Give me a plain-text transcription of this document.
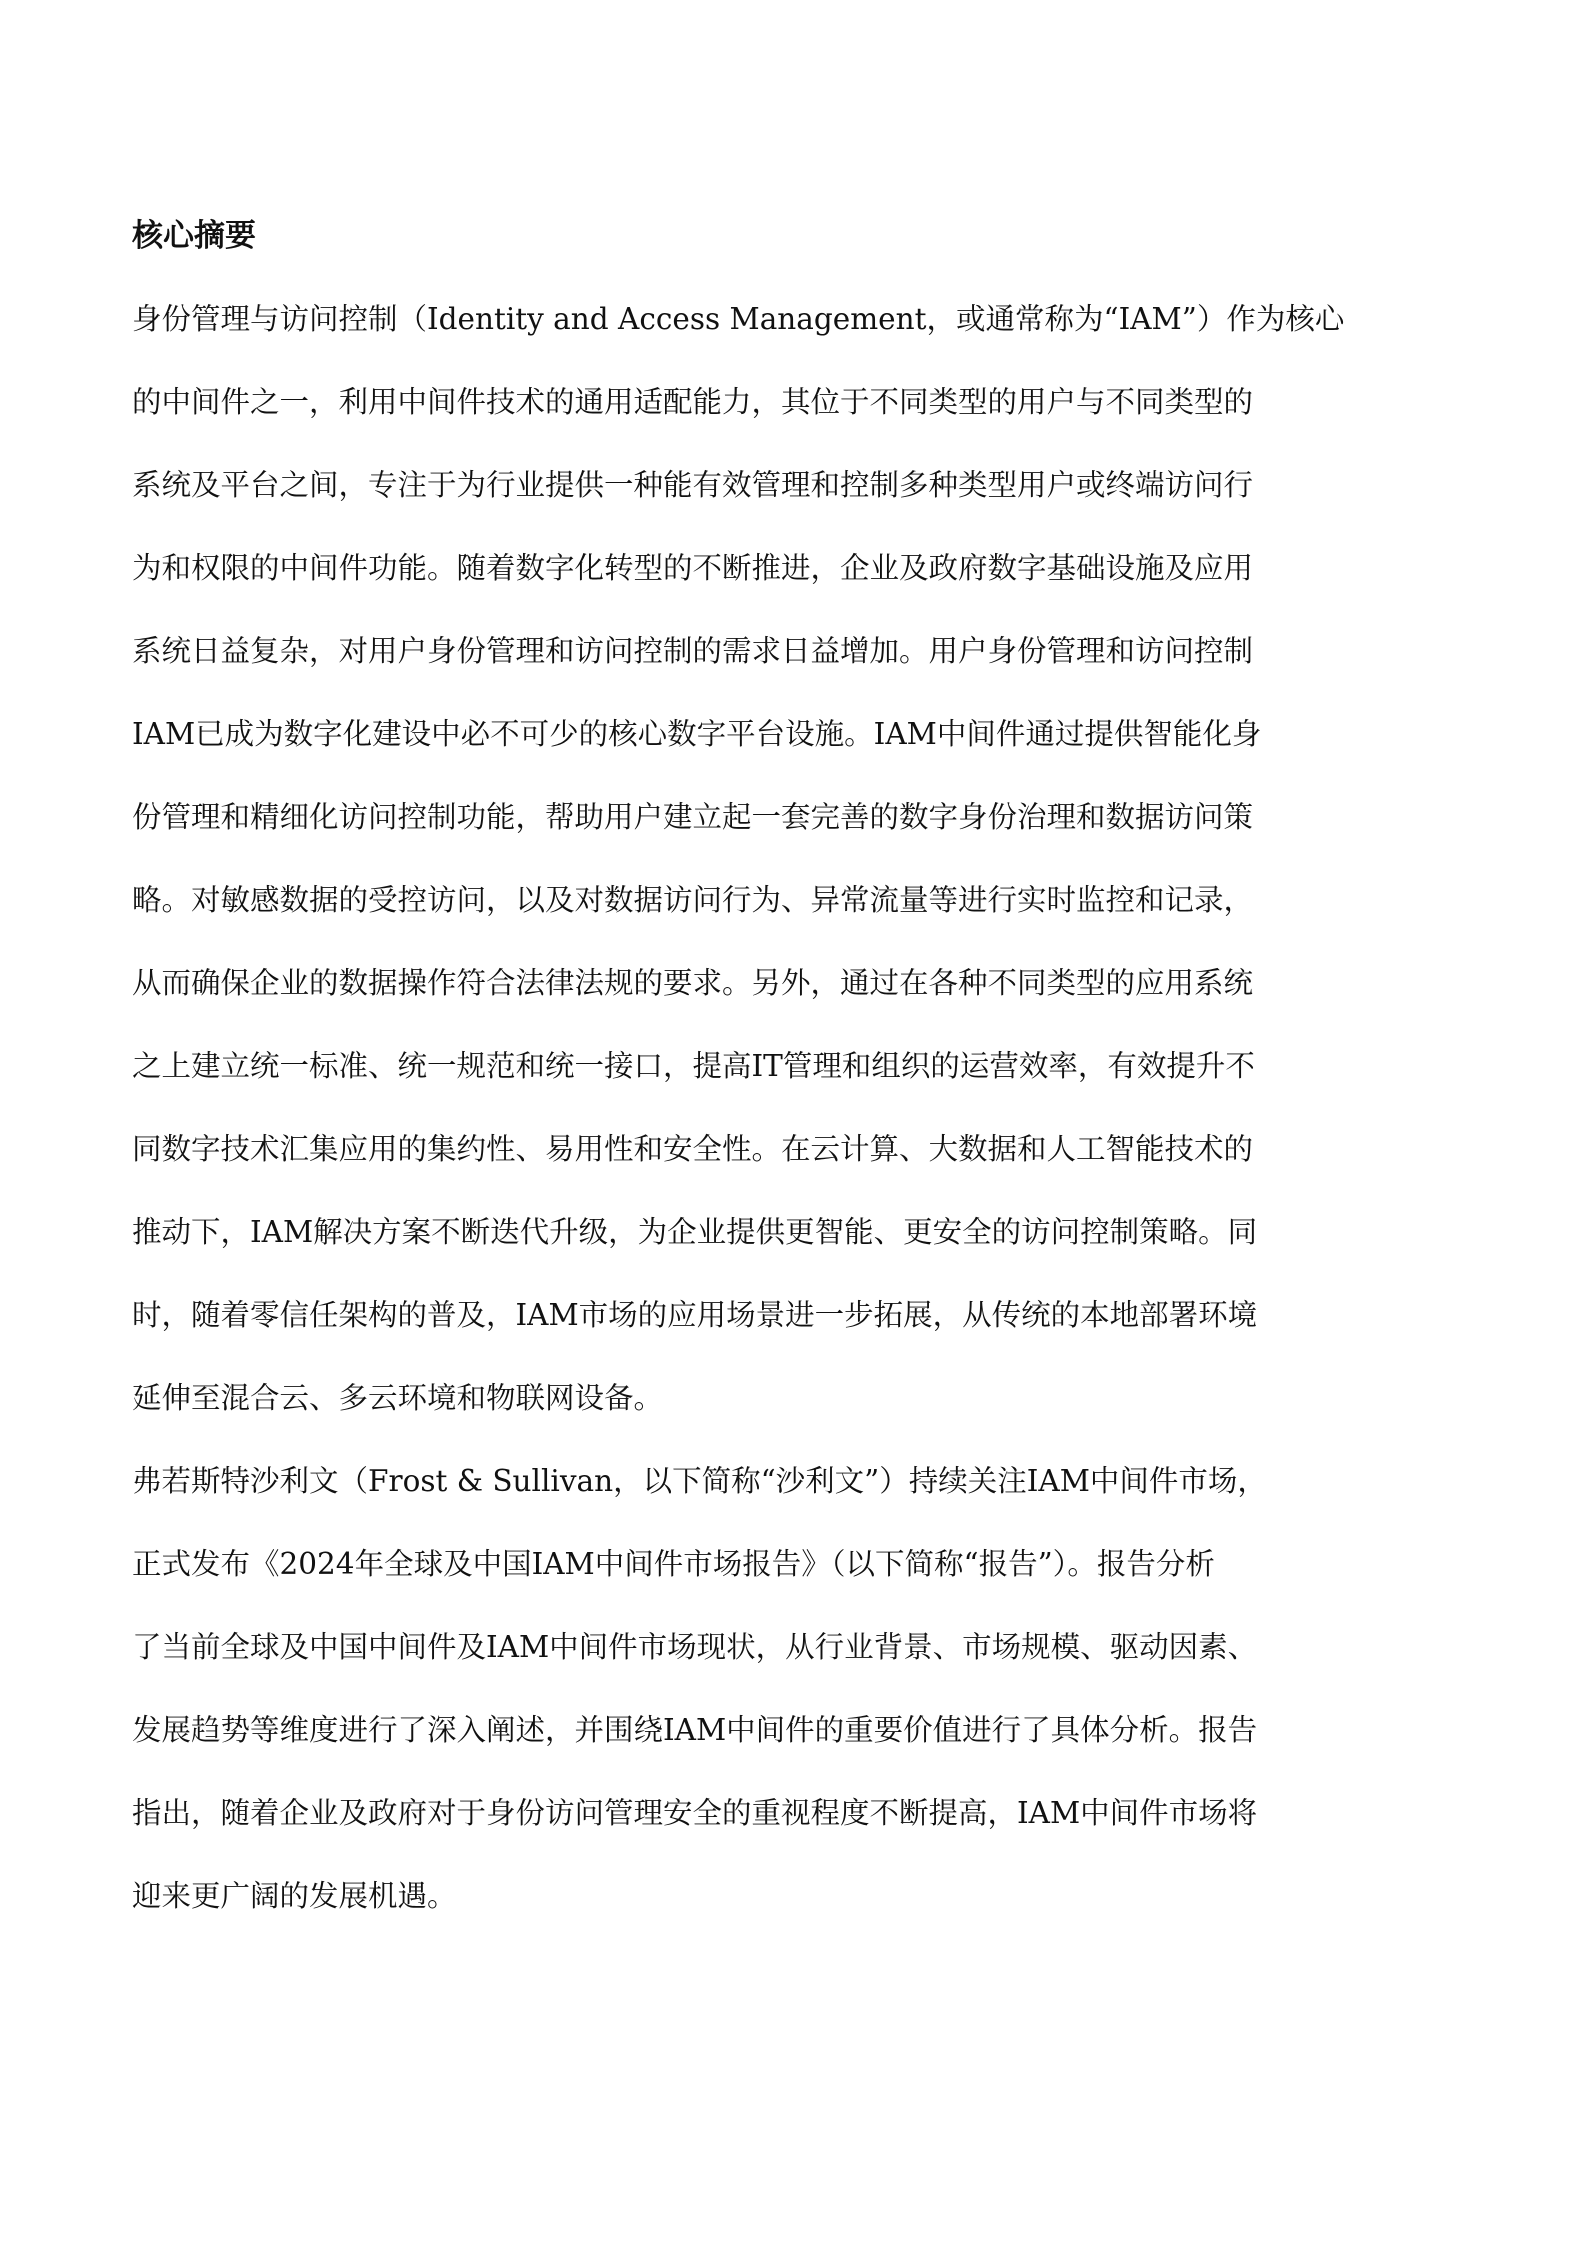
核心摘要
身份管理与访问控制（Identity and Access Management，或通常称为“IAM”）作为核心
的中间件之一，利用中间件技术的通用适配能力，其位于不同类型的用户与不同类型的
系统及平台之间，专注于为行业提供一种能有效管理和控制多种类型用户或终端访问行
为和权限的中间件功能。随着数字化转型的不断推进，企业及政府数字基础设施及应用
系统日益复杂，对用户身份管理和访问控制的需求日益增加。用户身份管理和访问控制
IAM已成为数字化建设中必不可少的核心数字平台设施。IAM中间件通过提供智能化身
份管理和精细化访问控制功能，帮助用户建立起一套完善的数字身份治理和数据访问策
略。对敏感数据的受控访问，以及对数据访问行为、异常流量等进行实时监控和记录，
从而确保企业的数据操作符合法律法规的要求。另外，通过在各种不同类型的应用系统
之上建立统一标准、统一规范和统一接口，提高IT管理和组织的运营效率，有效提升不
同数字技术汇集应用的集约性、易用性和安全性。在云计算、大数据和人工智能技术的
推动下，IAM解决方案不断迭代升级，为企业提供更智能、更安全的访问控制策略。同
时，随着零信任架构的普及，IAM市场的应用场景进一步拓展，从传统的本地部署环境
延伸至混合云、多云环境和物联网设备。
弗若斯特沙利文（Frost & Sullivan，以下简称“沙利文”）持续关注IAM中间件市场，
正式发布《2024年全球及中国IAM中间件市场报告》（以下简称“报告”）。报告分析
了当前全球及中国中间件及IAM中间件市场现状，从行业背景、市场规模、驱动因素、
发展趋势等维度进行了深入阐述，并围绕IAM中间件的重要价值进行了具体分析。报告
指出，随着企业及政府对于身份访问管理安全的重视程度不断提高，IAM中间件市场将
迎来更广阔的发展机遇。
